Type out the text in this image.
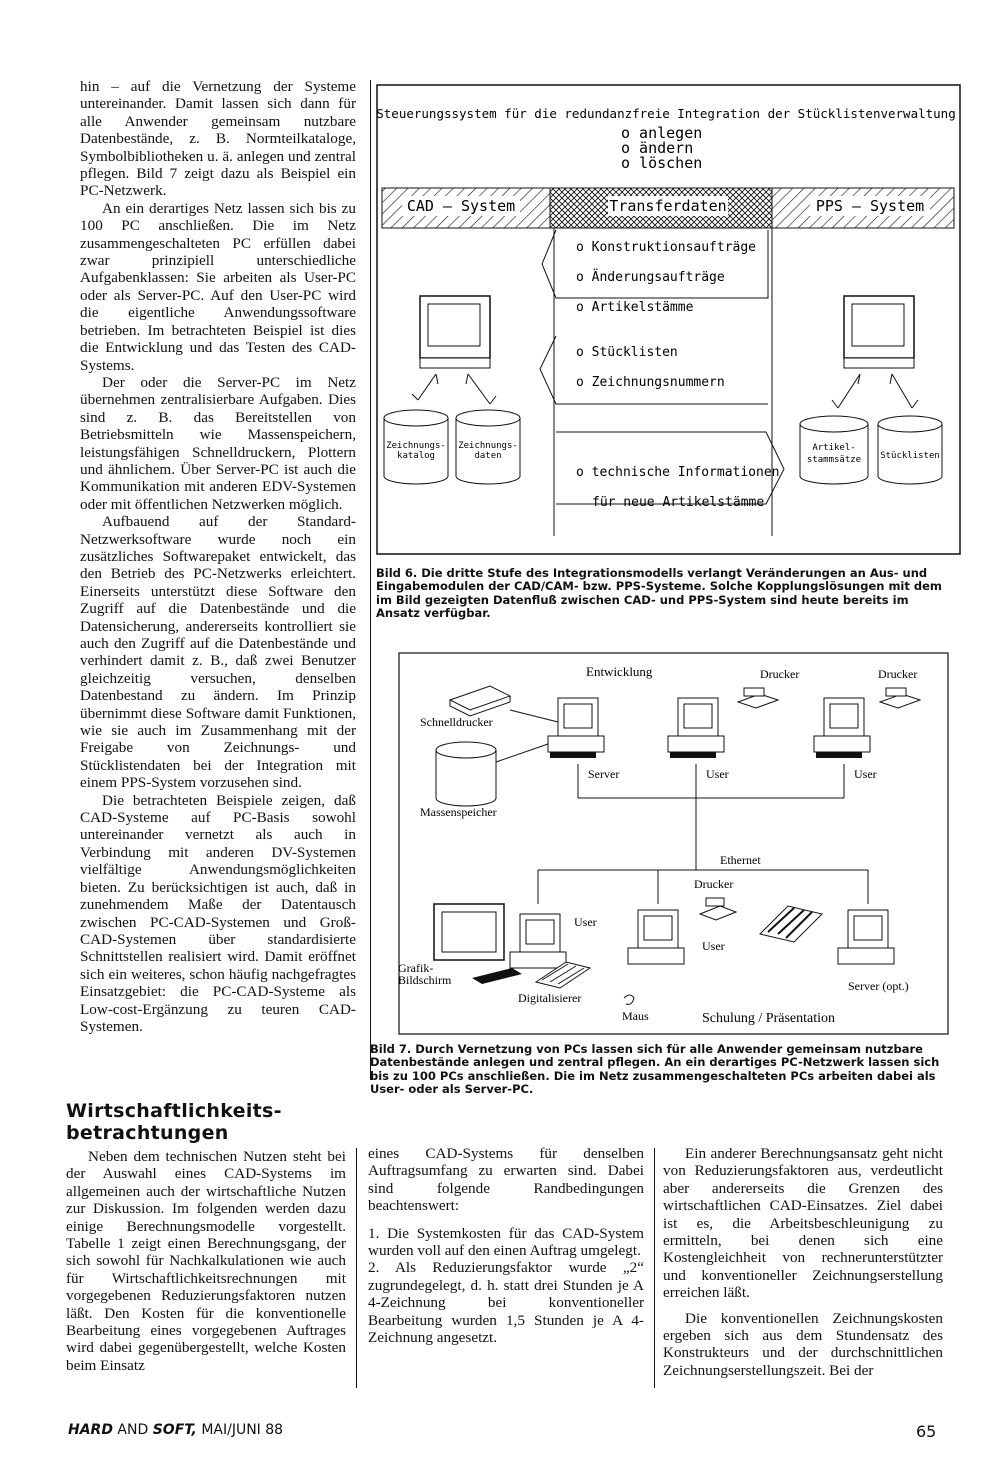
hin – auf die Vernetzung der Systeme untereinander. Damit lassen sich dann für alle Anwender gemeinsam nutzbare Datenbestände, z. B. Normteilkataloge, Symbolbibliotheken u. ä. anlegen und zentral pflegen. Bild 7 zeigt dazu als Beispiel ein PC-Netzwerk.

An ein derartiges Netz lassen sich bis zu 100 PC anschließen. Die im Netz zusammengeschalteten PC erfüllen dabei zwar prinzipiell unterschiedliche Aufgabenklassen: Sie arbeiten als User-PC oder als Server-PC. Auf den User-PC wird die eigentliche Anwendungssoftware betrieben. Im betrachteten Beispiel ist dies die Entwicklung und das Testen des CAD-Systems.

Der oder die Server-PC im Netz übernehmen zentralisierbare Aufgaben. Dies sind z. B. das Bereitstellen von Betriebsmitteln wie Massenspeichern, leistungsfähigen Schnelldruckern, Plottern und ähnlichem. Über Server-PC ist auch die Kommunikation mit anderen EDV-Systemen oder mit öffentlichen Netzwerken möglich.

Aufbauend auf der Standard-Netzwerksoftware wurde noch ein zusätzliches Softwarepaket entwickelt, das den Betrieb des PC-Netzwerks erleichtert. Einerseits unterstützt diese Software den Zugriff auf die Datenbestände und die Datensicherung, andererseits kontrolliert sie auch den Zugriff auf die Datenbestände und verhindert damit z. B., daß zwei Benutzer gleichzeitig versuchen, denselben Datenbestand zu ändern. Im Prinzip übernimmt diese Software damit Funktionen, wie sie auch im Zusammenhang mit der Freigabe von Zeichnungs- und Stücklistendaten bei der Integration mit einem PPS-System vorzusehen sind.

Die betrachteten Beispiele zeigen, daß CAD-Systeme auf PC-Basis sowohl untereinander vernetzt als auch in Verbindung mit anderen DV-Systemen vielfältige Anwendungsmöglichkeiten bieten. Zu berücksichtigen ist auch, daß in zunehmendem Maße der Datentausch zwischen PC-CAD-Systemen und Groß-CAD-Systemen über standardisierte Schnittstellen realisiert wird. Damit eröffnet sich ein weiteres, schon häufig nachgefragtes Einsatzgebiet: die PC-CAD-Systeme als Low-cost-Ergänzung zu teuren CAD-Systemen.

Wirtschaftlichkeits-
betrachtungen

Neben dem technischen Nutzen steht bei der Auswahl eines CAD-Systems im allgemeinen auch der wirtschaftliche Nutzen zur Diskussion. Im folgenden werden dazu einige Berechnungsmodelle vorgestellt. Tabelle 1 zeigt einen Berechnungsgang, der sich sowohl für Nachkalkulationen wie auch für Wirtschaftlichkeitsrechnungen mit vorgegebenen Reduzierungsfaktoren nutzen läßt. Den Kosten für die konventionelle Bearbeitung eines vorgegebenen Auftrages wird dabei gegenübergestellt, welche Kosten beim Einsatz

eines CAD-Systems für denselben Auftragsumfang zu erwarten sind. Dabei sind folgende Randbedingungen beachtenswert:

1. Die Systemkosten für das CAD-System wurden voll auf den einen Auftrag umgelegt.

2. Als Reduzierungsfaktor wurde „2“ zugrundegelegt, d. h. statt drei Stunden je A 4-Zeichnung bei konventioneller Bearbeitung wurden 1,5 Stunden je A 4-Zeichnung angesetzt.

Ein anderer Berechnungsansatz geht nicht von Reduzierungsfaktoren aus, verdeutlicht aber andererseits die Grenzen des wirtschaftlichen CAD-Einsatzes. Ziel dabei ist es, die Arbeitsbeschleunigung zu ermitteln, bei denen sich eine Kostengleichheit von rechnerunterstützter und konventioneller Zeichnungserstellung erreichen läßt.

Die konventionellen Zeichnungskosten ergeben sich aus dem Stundensatz des Konstrukteurs und der durchschnittlichen Zeichnungserstellungszeit. Bei der

Steuerungssystem für die redundanzfreie Integration der Stücklistenverwaltung
o anlegen
o ändern
o löschen
CAD – System	Transferdaten	PPS – System
o Konstruktionsaufträge
o Änderungsaufträge
o Artikelstämme
o Stücklisten
o Zeichnungsnummern
o technische Informationen
für neue Artikelstämme
Zeichnungs-
katalog
Zeichnungs-
daten
Artikel-
stammsätze Stücklisten
Bild 6. Die dritte Stufe des Integrationsmodells verlangt Veränderungen an Aus- und Eingabemodulen der CAD/CAM- bzw. PPS-Systeme. Solche Kopplungslösungen mit dem im Bild gezeigten Datenfluß zwischen CAD- und PPS-System sind heute bereits im Ansatz verfügbar.
Entwicklung	Drucker	Drucker
Schnelldrucker
Massenspeicher
Server	User	User
Ethernet
Drucker
User
Grafik-
Bildschirm
Digitalisierer
Maus
User
Server (opt.)
Schulung / Präsentation
Bild 7. Durch Vernetzung von PCs lassen sich für alle Anwender gemeinsam nutzbare Datenbestände anlegen und zentral pflegen. An ein derartiges PC-Netzwerk lassen sich bis zu 100 PCs anschließen. Die im Netz zusammengeschalteten PCs arbeiten dabei als User- oder als Server-PC.
HARD AND SOFT, MAI/JUNI 88	65
